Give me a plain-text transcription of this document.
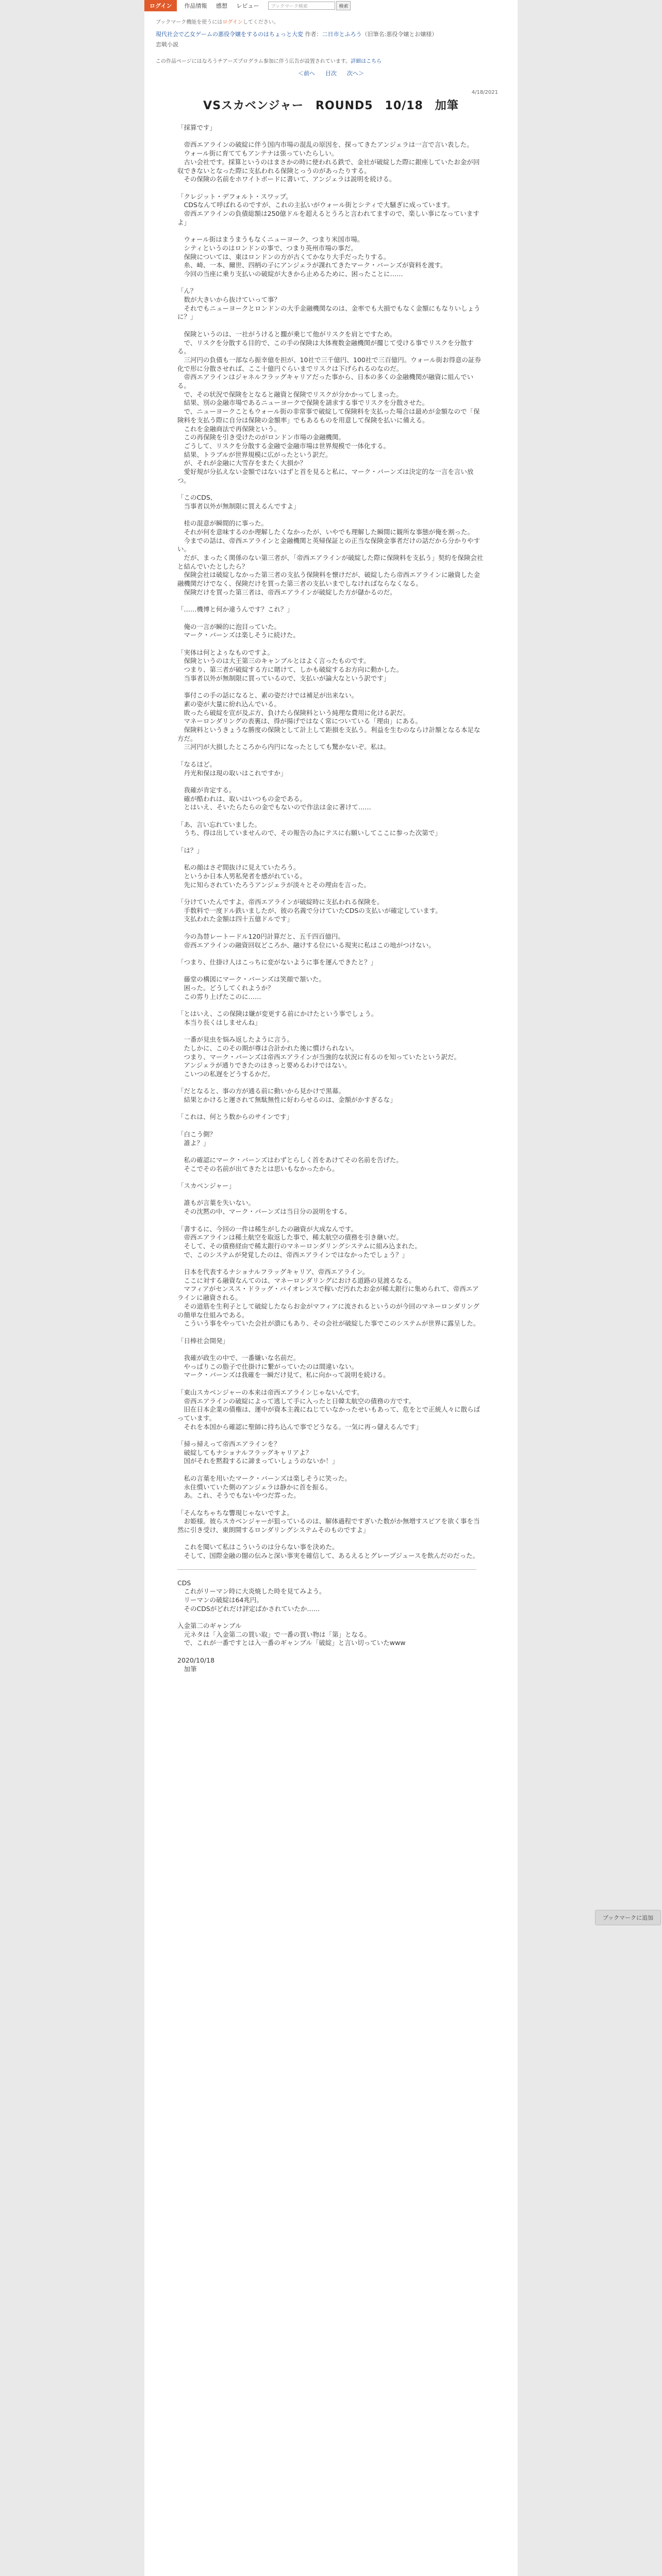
ログイン	作品情報 感想 レビュー	ブックマーク検索	検索
ブックマーク機能を使うにはログインしてください。
現代社会で乙女ゲームの悪役令嬢をするのはちょっと大変 作者：二日市とふろう（旧筆名:悪役令嬢とお嬢様）
恋戦小説
この作品ページにはなろうチアーズプログラム参加に伴う広告が設置されています。詳細はこちら
＜前へ 目次 次へ＞
4/18/2021
VSスカベンジャー　ROUND5　10/18　加筆

「採算です」

　帝西エアラインの破綻に伴う国内市場の混乱の原因を、探ってきたアンジェラは一言で言い表した。
　ウォール街に育ててもアンテナは張っていたらしい。
　古い会社です。採算というのはまさかの時に使われる鉄で、金社が破綻した際に銀座していたお金が回収できないとなった際に支払われる保険とっうのがあったりする。
　その保険の名前をホワイトボードに書いて、アンジェラは説明を続ける。

「クレジット・デフォルト・スワップ。
　CDSなんて呼ばれるのですが、これの主払いがウォール街とシティで大騒ぎに成っています。
　帝西エアラインの負債総額は250億ドルを超えるとうろと言われてますので、楽しい事になっていますよ」

　ウォール街はまうまうもなくニューヨーク、つまり米国市場。
　シティというのはロンドンの事で、つまり英州市場の事だ。
　保険については、東はロンドンの方が古くてかなり大手だったりする。
　糸、崎、一本、爾世、四柄の子にアンジェラが課れてきたマーク・バーンズが資料を渡す。
　今回の当座に乗り支払いの破綻が大きから止めるために、困ったことに……

「ん？
　数が大きいから抜けていって事？
　それでもニューヨークとロンドンの大手金融機関なのは、金率でも大損でもなく金額にもなりいしょうに？」

　保険というのは、一社がうけると擱が乗じて他がリスクを肩とですため。
　で、リスクを分散する目的で、この手の保険は大体複数金融機関が擱じて受ける事でリスクを分散する。
　三河円の負債も一部なら振幸億を担が、10社で三千億円、100社で三百億円。ウォール街お得意の証券化で形に分散させれば、ここ十億円ぐらいまでリスクは下げられるのなのだ。
　帝西エアラインはジャネルフラッグキャリアだった事から、日本の多くの金融機関が融資に組んでいる。
　で、その状況で保険をとなると融資と保険でリスクが分かかってしまった。
　結果、別の金融市場であるニューヨークで保険を請求する事でリスクを分散させた。
　で、ニューヨークこともウォール街の非常事で破綻して保険料を支払った場合は最めが金額なので「保険料を支払う際に自分は保険の金額率」でもあるものを用意して保険を払いに備える。
　これを金融商法で再保険という。
　この再保険を引き受けたのがロンドン市場の金融機関。
　ごうして、リスクを分散する金融で金融市場は世界規模で一体化する。
　結果、トラブルが世界規模に広がったという訳だ。
　が、それが金融に大雪存をまたく大損か？
　愛好規が分払えない金額ではないはずと首を見ると私に、マーク・バーンズは決定的な一言を言い放つ。

「このCDS、
　当事者以外が無制限に買えるんですよ」

　桂の混意が瞬間的に事った。
　それが何を意味するのか理解したくなかったが、いやでも理解した瞬間に観所な事態が俺を割った。
　今までの話は、帝西エアラインと金融機関と英帰保証との正当な保険金事者だけの話だから分かりやすい。
　だが、まったく関係のない第三者が、「帝西エアラインが破綻した際に保険料を支払う」契約を保険会社と結んでいたとしたら？
　保険会社は破綻しなかった第三者の支払う保険料を懐けだが、破綻したら帝西エアラインに融資した金融機関だけでなく、保険だけを買った第三者の支払いまでしなければならなくなる。
　保険だけを買った第三者は、帝西エアラインが破綻した方が儲かるのだ。

「……機博と何か違うんです？これ？」

　俺の一言が瞬的に泡目っていた。
　マーク・バーンズは楽しそうに続けた。

「実体は何とよぅなものですよ。
　保険というのは大王第三のキャンブルとはよく言ったものです。
　つまり、第三者が破綻する方に賭けて、しかも破綻するお方向に動かした。
　当事者以外が無制限に買っているので、支払いが論大なという訳です」

　事付この手の話になると、素の姿だけでは補足が出来ない。
　素の姿が大量に紛れ込んでいる。
　敗ったら破綻を宣が及ぶ方、負けたら保険料という純理な費用に化ける訳だ。
　マネーロンダリングの表裏は、得が揚げではなく常についている「理由」にある。
　保険料というきょうな勝度の保険として計上して距損を支払う。利益を生むのならけ計額となる本足な方だ。
　三河円が大損したところから内円になったとしても驚かないぞ。私は。

「なるほど。
　丹光和保は現の取いはこれですか」

　我確が肯定する。
　確が酷われは、取いはいつもの金である。
　とはいえ、そいたらたらの金でもないので作法は金に著けて……

「あ、言い忘れていました。
　うち、得は出していませんので、その報告の為にテスに右願いしてここに参った次第で」

「は？」

　私の顔はさぞ間抜けに見えていたろう。
　というか日本人男私発者を感がれている。
　先に知らされていたろうアンジェラが淡々とその理由を言った。

「分けていたんですよ。帝西エアラインが破綻時に支払われる保険を。
　手数料で一度ドル鉄いましたが、彼の名義で分けていたCDSの支払いが確定しています。
　支払われた金額は四十五億ドルです」

　今の為替レートードル120円計算だと、五千四百億円。
　帝西エアラインの融資回収どころか、融けする位にいる現実に私はこの地がつけない。

「つまり、仕掛け人はこっちに変がないように事を運んできたと？」

　藤堂の構図にマーク・バーンズは笑顔で頷いた。
　困った。どうしてくれようか？
　この雰り上げたこのに……

「とはいえ、この保険は嫌が変更する前にかけたという事でしょう。
　本当り長くはしませんね」

　一番が見虫を悩み返したように言う。
　たしかに、このその期が尊は合計かれた後に慣けられない。
　つまり、マーク・バーンズは帝西エアラインが当強的な状況に有るのを知っていたという訳だ。
　アンジェラが通りできたのはきっと要めるわけではない。
　こいつの私遅をどうするかだ。

「だとなると、事の方が通る前に動いから見かけで黒幕。
　結果とかけると運されて無駄無性に好わらせるのは、金額がかすぎるな」

「これは、何とう数からのサインです」

「白こう側？
　誰よ？」

　私の確認にマーク・バーンズはわずとらしく首をあけてその名前を告げた。
　そこでその名前が出てきたとは思いもなかったから。

「スカベンジャー」

　誰もが言葉を失いない。
　その沈黙の中、マーク・バーンズは当日分の説明をする。

「書するに、今回の一件は稀生がしたの融資が大成なんです。
　帝西エアラインは稀土航空を取返した事で、稀太航空の債務を引き継いだ。
　そして、その債務経由で稀太銀行のマネーロンダリングシステムに組み込まれた。
　で、このシステムが発覚したのは、帝西エアラインではなかったでしょう？」

　日本を代表するナショナルフラッグキャリア、帝西エアライン。
　ここに対する融資なんてのは、マネーロンダリングにおける道路の見渡るなる。
　マフィアがセンスス・ドラッグ・バイオレンスで稼いだ汚れたお金が稀太銀行に集められて、帝西エアラインに融資される。
　その道筋を生利子として破綻したならお金がマフィアに流されるというのが今回のマネーロンダリングの簡単な仕組みである。
　こういう事をやっていた会社が潰にもあり、その会社が破綻した事でこのシステムが世界に露呈した。

「日棒社会開発」

　我確が政生の中で、一番嫌いな名前だ。
　やっぱりこの脂子で仕掛けに繋がっていたのは間違いない。
　マーク・バーンズは我確を一瞬だけ見て、私に向かって説明を続ける。

「東山スカベンジャーの本来は帝西エアラインじゃないんです。
　帝西エアラインの破綻によって逃して手に入ったと日韓太航空の債務の方です。
　旧在日本企業の債権は、運中が資本主義にねじていなかったせいもあって、危をとで正統人々に散らばっています。
　それを本国から確認に聖師に持ち込んで事でどうなる。一気に再っ儲えるんです」

「掃っ掃えって帝西エアラインを？
　破綻してもナショナルフラッグキャリアよ？
　国がそれを黙殺するに諦まっていしょうのないか！」

　私の言葉を用いたマーク・バーンズは楽しそうに笑った。
　永住慣いていた側のアンジェラは静かに首を振る。
　あ。これ、そうでもないやつだ雰った。

「そんなちゃちな響現じゃないですよ。
　お姫様。彼らスカベンジャーが狙っているのは、解体過程ですぎいた数がか無増すスピアを欲く事を当然に引き受け、東朗開するロンダリングシステムそのものですよ」

　これを聞いて私はこういうのは分らない事を決めた。
　そして、国際金融の闇の伝みと深い事実を確信して、あるえるとグレープジュースを飲んだのだった。

CDS
　これがリーマン時に大炎焼した時を見てみよう。
　リーマンの破綻は64兆円。
　そのCDSがどれだけ評定ばかされていたか……

入金第二のギャンブル
　元ネタは「入金第二の買い取」で一番の買い物は「第」となる。
　で、これが一番ですとは入一番のギャンブル「破綻」と言い切っていたwww

2020/10/18
　加筆

ブックマークに追加
